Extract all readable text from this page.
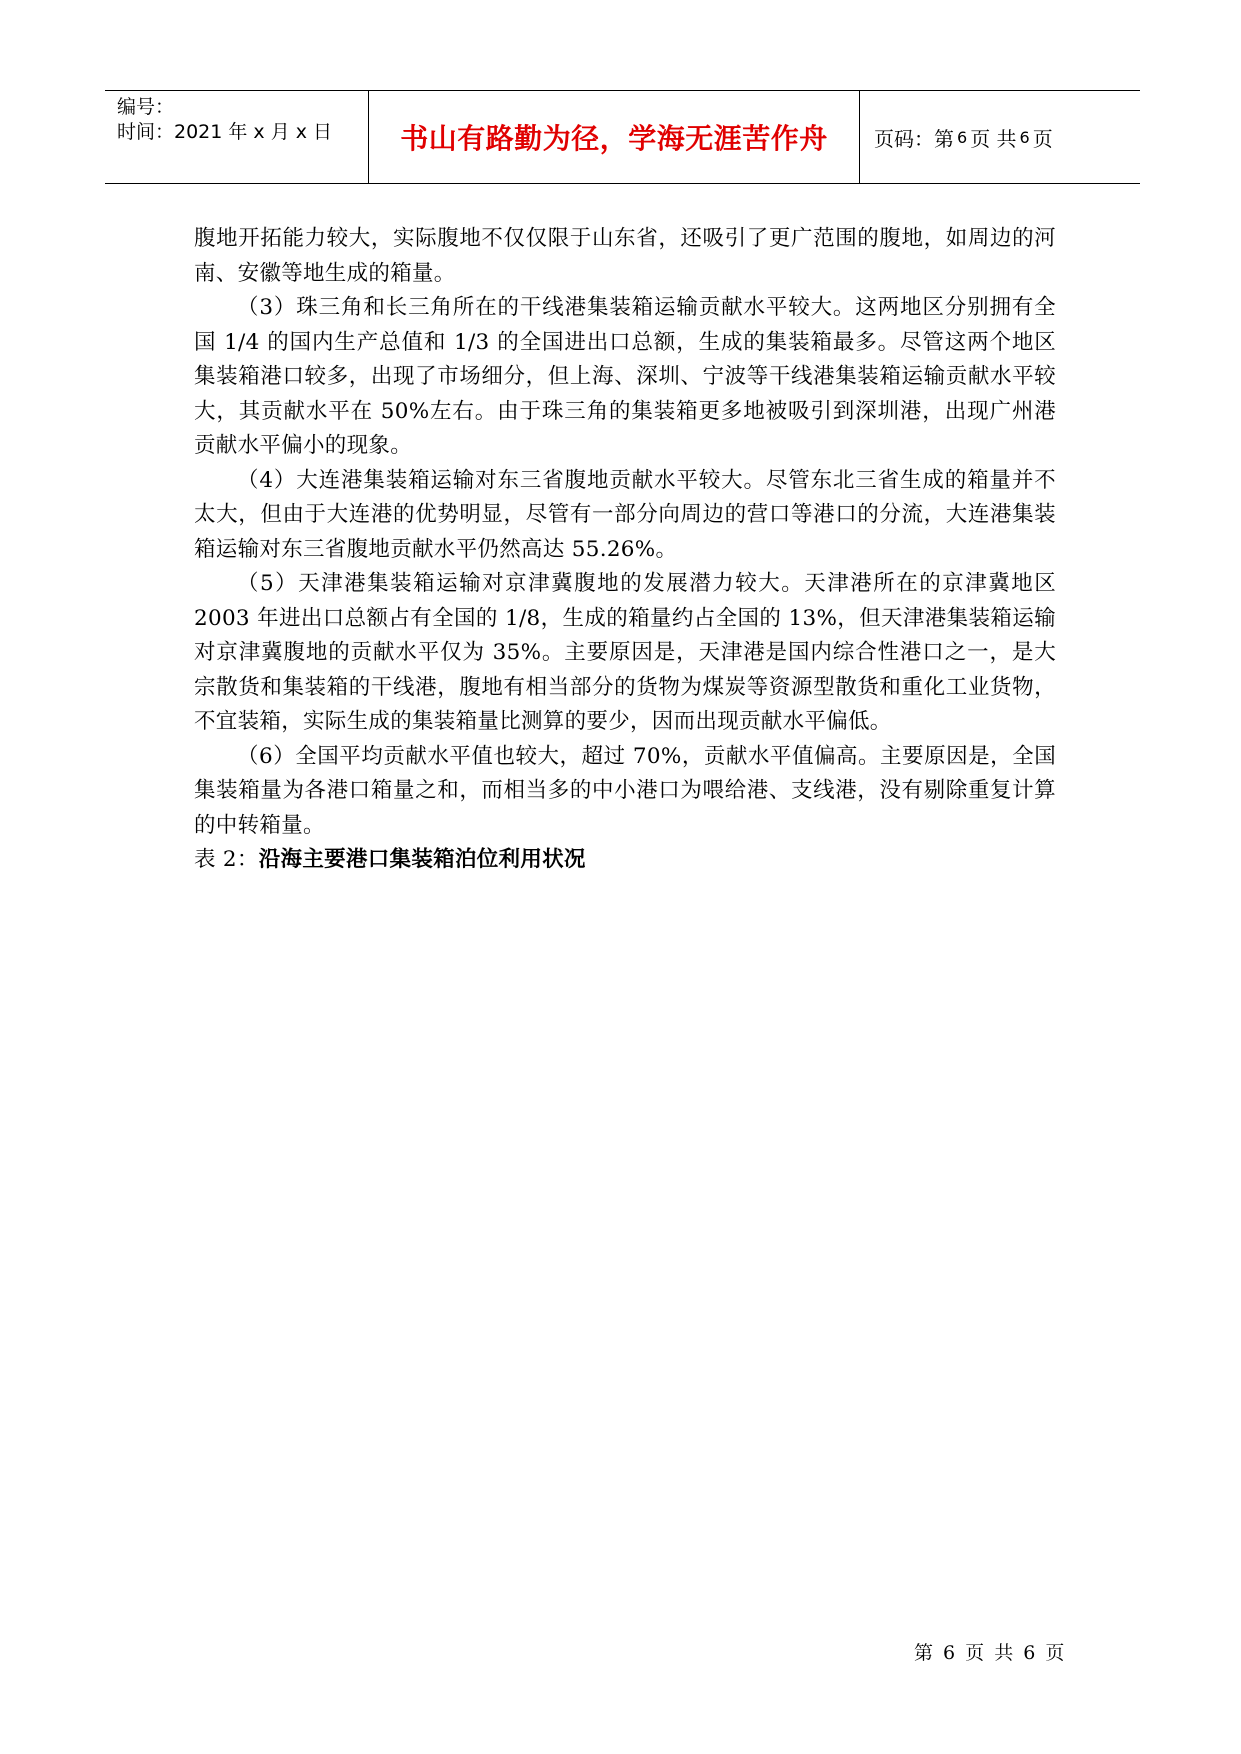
编号：
时间：2021 年 x 月 x 日	书山有路勤为径，学海无涯苦作舟	页码：第 6 页 共 6 页

腹地开拓能力较大，实际腹地不仅仅限于山东省，还吸引了更广范围的腹地，如周边的河南、安徽等地生成的箱量。

（3）珠三角和长三角所在的干线港集装箱运输贡献水平较大。这两地区分别拥有全国 1/4 的国内生产总值和 1/3 的全国进出口总额，生成的集装箱最多。尽管这两个地区集装箱港口较多，出现了市场细分，但上海、深圳、宁波等干线港集装箱运输贡献水平较大，其贡献水平在 50%左右。由于珠三角的集装箱更多地被吸引到深圳港，出现广州港贡献水平偏小的现象。

（4）大连港集装箱运输对东三省腹地贡献水平较大。尽管东北三省生成的箱量并不太大，但由于大连港的优势明显，尽管有一部分向周边的营口等港口的分流，大连港集装箱运输对东三省腹地贡献水平仍然高达 55.26%。

（5）天津港集装箱运输对京津冀腹地的发展潜力较大。天津港所在的京津冀地区 2003 年进出口总额占有全国的 1/8，生成的箱量约占全国的 13%，但天津港集装箱运输对京津冀腹地的贡献水平仅为 35%。主要原因是，天津港是国内综合性港口之一，是大宗散货和集装箱的干线港，腹地有相当部分的货物为煤炭等资源型散货和重化工业货物，不宜装箱，实际生成的集装箱量比测算的要少，因而出现贡献水平偏低。

（6）全国平均贡献水平值也较大，超过 70%，贡献水平值偏高。主要原因是，全国集装箱量为各港口箱量之和，而相当多的中小港口为喂给港、支线港，没有剔除重复计算的中转箱量。

表 2：沿海主要港口集装箱泊位利用状况

第 6 页 共 6 页
